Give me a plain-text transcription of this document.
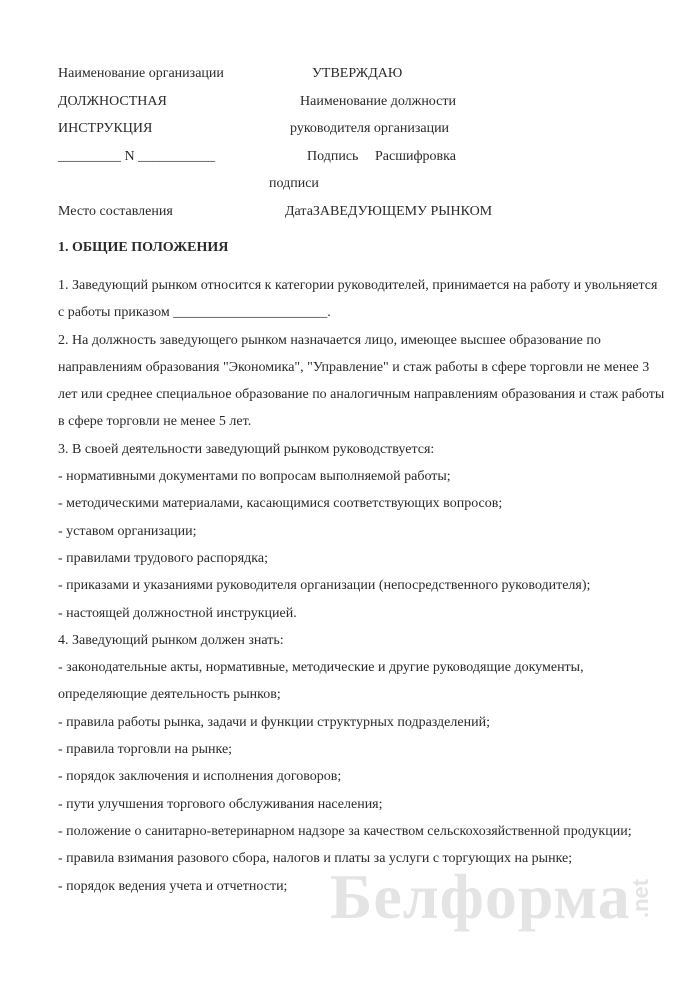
Наименование организации	УТВЕРЖДАЮ
ДОЛЖНОСТНАЯ	Наименование должности
ИНСТРУКЦИЯ	руководителя организации
_________ N ___________	Подпись Расшифровка
подписи
Место составления	ДатаЗАВЕДУЮЩЕМУ РЫНКОМ
1. ОБЩИЕ ПОЛОЖЕНИЯ
1. Заведующий рынком относится к категории руководителей, принимается на работу и увольняется
с работы приказом ______________________.
2. На должность заведующего рынком назначается лицо, имеющее высшее образование по
направлениям образования "Экономика", "Управление" и стаж работы в сфере торговли не менее 3
лет или среднее специальное образование по аналогичным направлениям образования и стаж работы
в сфере торговли не менее 5 лет.
3. В своей деятельности заведующий рынком руководствуется:
- нормативными документами по вопросам выполняемой работы;
- методическими материалами, касающимися соответствующих вопросов;
- уставом организации;
- правилами трудового распорядка;
- приказами и указаниями руководителя организации (непосредственного руководителя);
- настоящей должностной инструкцией.
4. Заведующий рынком должен знать:
- законодательные акты, нормативные, методические и другие руководящие документы,
определяющие деятельность рынков;
- правила работы рынка, задачи и функции структурных подразделений;
- правила торговли на рынке;
- порядок заключения и исполнения договоров;
- пути улучшения торгового обслуживания населения;
- положение о санитарно-ветеринарном надзоре за качеством сельскохозяйственной продукции;
- правила взимания разового сбора, налогов и платы за услуги с торгующих на рынке;
- порядок ведения учета и отчетности; Белформа
.net
